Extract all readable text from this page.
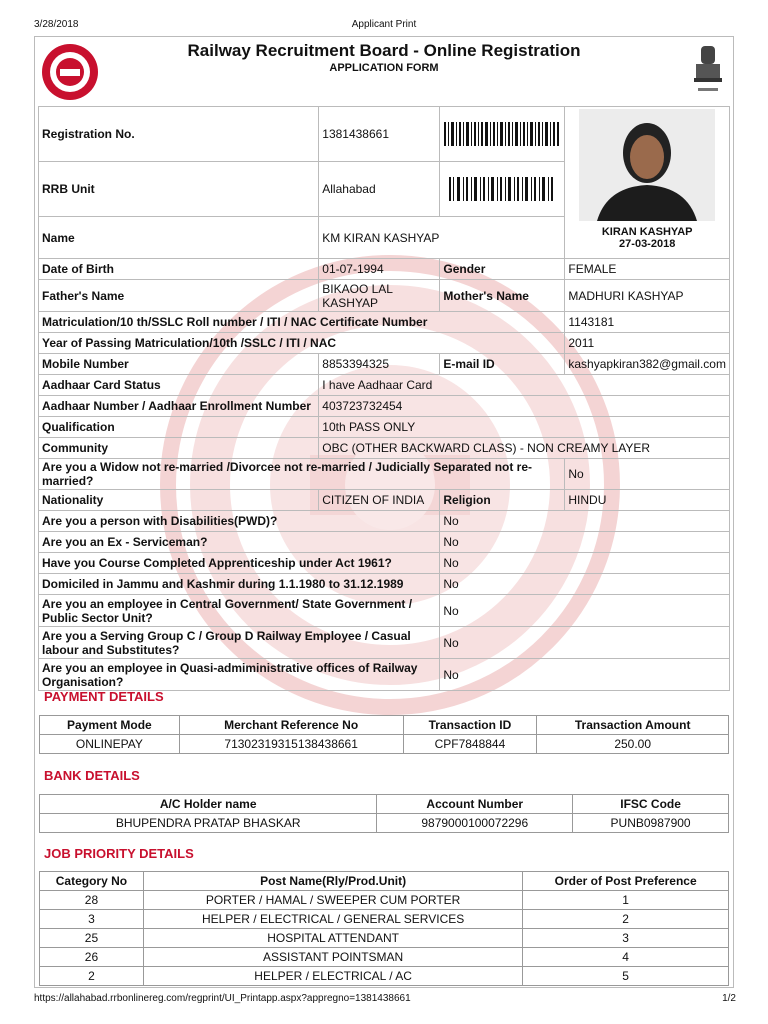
3/28/2018	Applicant Print
https://allahabad.rrbonlinereg.com/regprint/UI_Printapp.aspx?appregno=1381438661	1/2
Railway Recruitment Board - Online Registration
APPLICATION FORM
Registration No.	1381438661		KIRAN KASHYAP
27-03-2018

RRB Unit	Allahabad	
Name	KM KIRAN KASHYAP		
Date of Birth	01-07-1994	Gender	FEMALE
Father's Name	BIKAOO LAL KASHYAP	Mother's Name	MADHURI KASHYAP
Matriculation/10 th/SSLC Roll number / ITI / NAC Certificate Number			1143181
Year of Passing Matriculation/10th /SSLC / ITI / NAC			2011
Mobile Number	8853394325	E-mail ID	kashyapkiran382@gmail.com
Aadhaar Card Status	I have Aadhaar Card		
Aadhaar Number / Aadhaar Enrollment Number	403723732454		
Qualification	10th PASS ONLY		
Community	OBC (OTHER BACKWARD CLASS) - NON CREAMY LAYER		
Are you a Widow not re-married /Divorcee not re-married / Judicially Separated not re-married?			No
Nationality	CITIZEN OF INDIA	Religion	HINDU
Are you a person with Disabilities(PWD)?		No	
Are you an Ex - Serviceman?		No	
Have you Course Completed Apprenticeship under Act 1961?		No	
Domiciled in Jammu and Kashmir during 1.1.1980 to 31.12.1989		No	
Are you an employee in Central Government/ State Government / Public Sector Unit?		No	
Are you a Serving Group C / Group D Railway Employee / Casual labour and Substitutes?		No	
Are you an employee in Quasi-admiministrative offices of Railway Organisation?		No	
PAYMENT DETAILS
Payment Mode	Merchant Reference No	Transaction ID	Transaction Amount
ONLINEPAY	71302319315138438661	CPF7848844	250.00
BANK DETAILS
A/C Holder name	Account Number	IFSC Code
BHUPENDRA PRATAP BHASKAR	9879000100072296	PUNB0987900
JOB PRIORITY DETAILS
Category No	Post Name(Rly/Prod.Unit)	Order of Post Preference
28	PORTER / HAMAL / SWEEPER CUM PORTER	1
3	HELPER / ELECTRICAL / GENERAL SERVICES	2
25	HOSPITAL ATTENDANT	3
26	ASSISTANT POINTSMAN	4
2	HELPER / ELECTRICAL / AC	5
